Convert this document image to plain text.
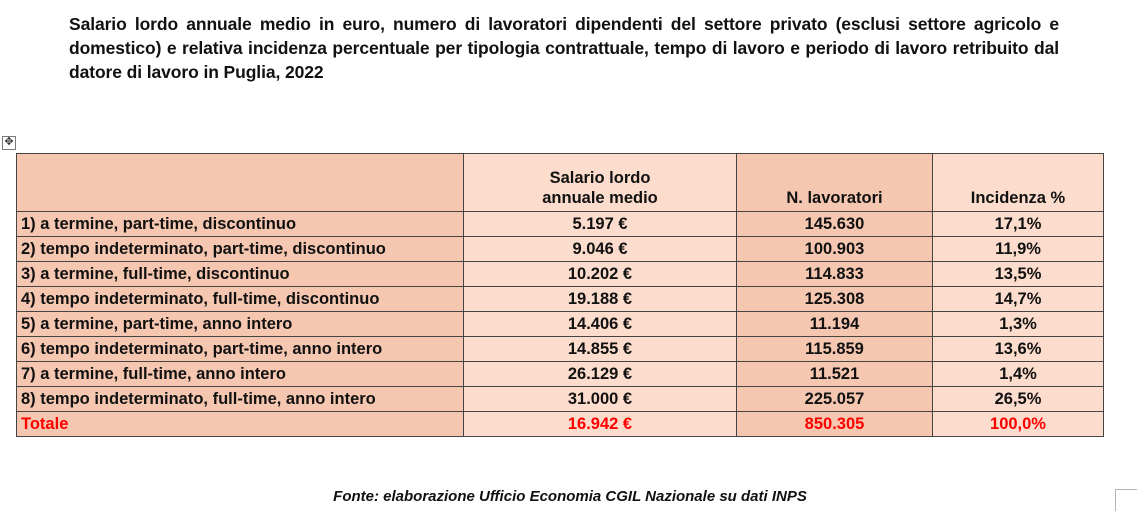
Salario lordo annuale medio in euro, numero di lavoratori dipendenti del settore privato (esclusi settore agricolo e domestico) e relativa incidenza percentuale per tipologia contrattuale, tempo di lavoro e periodo di lavoro retribuito dal datore di lavoro in Puglia, 2022

✥

	Salario lordo
annuale medio	N. lavoratori	Incidenza %
1) a termine, part-time, discontinuo	5.197 €	145.630	17,1%
2) tempo indeterminato, part-time, discontinuo	9.046 €	100.903	11,9%
3) a termine, full-time, discontinuo	10.202 €	114.833	13,5%
4) tempo indeterminato, full-time, discontinuo	19.188 €	125.308	14,7%
5) a termine, part-time, anno intero	14.406 €	11.194	1,3%
6) tempo indeterminato, part-time, anno intero	14.855 €	115.859	13,6%
7) a termine, full-time, anno intero	26.129 €	11.521	1,4%
8) tempo indeterminato, full-time, anno intero	31.000 €	225.057	26,5%
Totale	16.942 €	850.305	100,0%

Fonte: elaborazione Ufficio Economia CGIL Nazionale su dati INPS
